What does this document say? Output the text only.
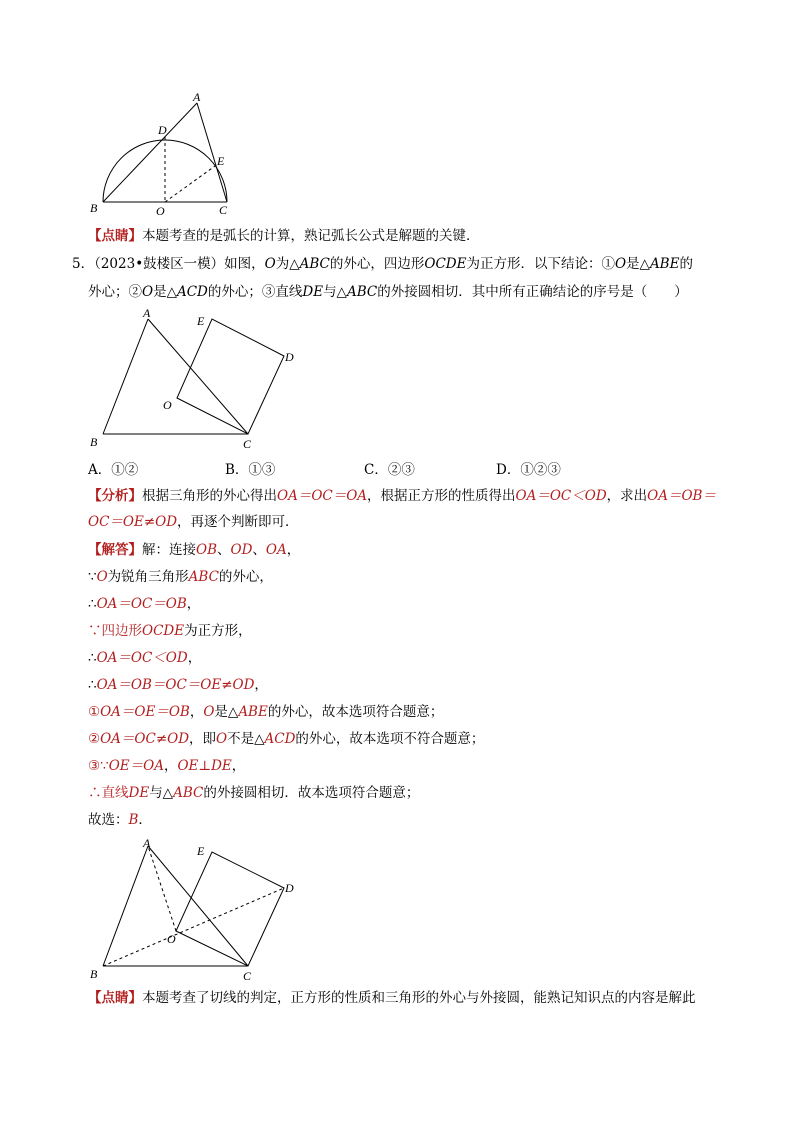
A
D
E
B	O	C
【点睛】本题考查的是弧长的计算，熟记弧长公式是解题的关键．
5．（2023•鼓楼区一模）如图，O为△ABC的外心，四边形OCDE为正方形．以下结论：①O是△ABE的
外心；②O是△ACD的外心；③直线DE与△ABC的外接圆相切．其中所有正确结论的序号是（　　）
A
E
D
O
B	C
A．①②	B．①③	C．②③	D．①②③
【分析】根据三角形的外心得出OA＝OC＝OA，根据正方形的性质得出OA＝OC＜OD，求出OA＝OB＝
OC＝OE≠OD，再逐个判断即可．
【解答】解：连接OB、OD、OA，
∵O为锐角三角形ABC的外心，
∴OA＝OC＝OB，
∵四边形OCDE为正方形，
∴OA＝OC＜OD，
∴OA＝OB＝OC＝OE≠OD，
①OA＝OE＝OB，O是△ABE的外心，故本选项符合题意；
②OA＝OC≠OD，即O不是△ACD的外心，故本选项不符合题意；
③∵OE＝OA，OE⊥DE，
∴直线DE与△ABC的外接圆相切．故本选项符合题意；
故选：B．
A
E
D
O
B	C
【点睛】本题考查了切线的判定，正方形的性质和三角形的外心与外接圆，能熟记知识点的内容是解此
